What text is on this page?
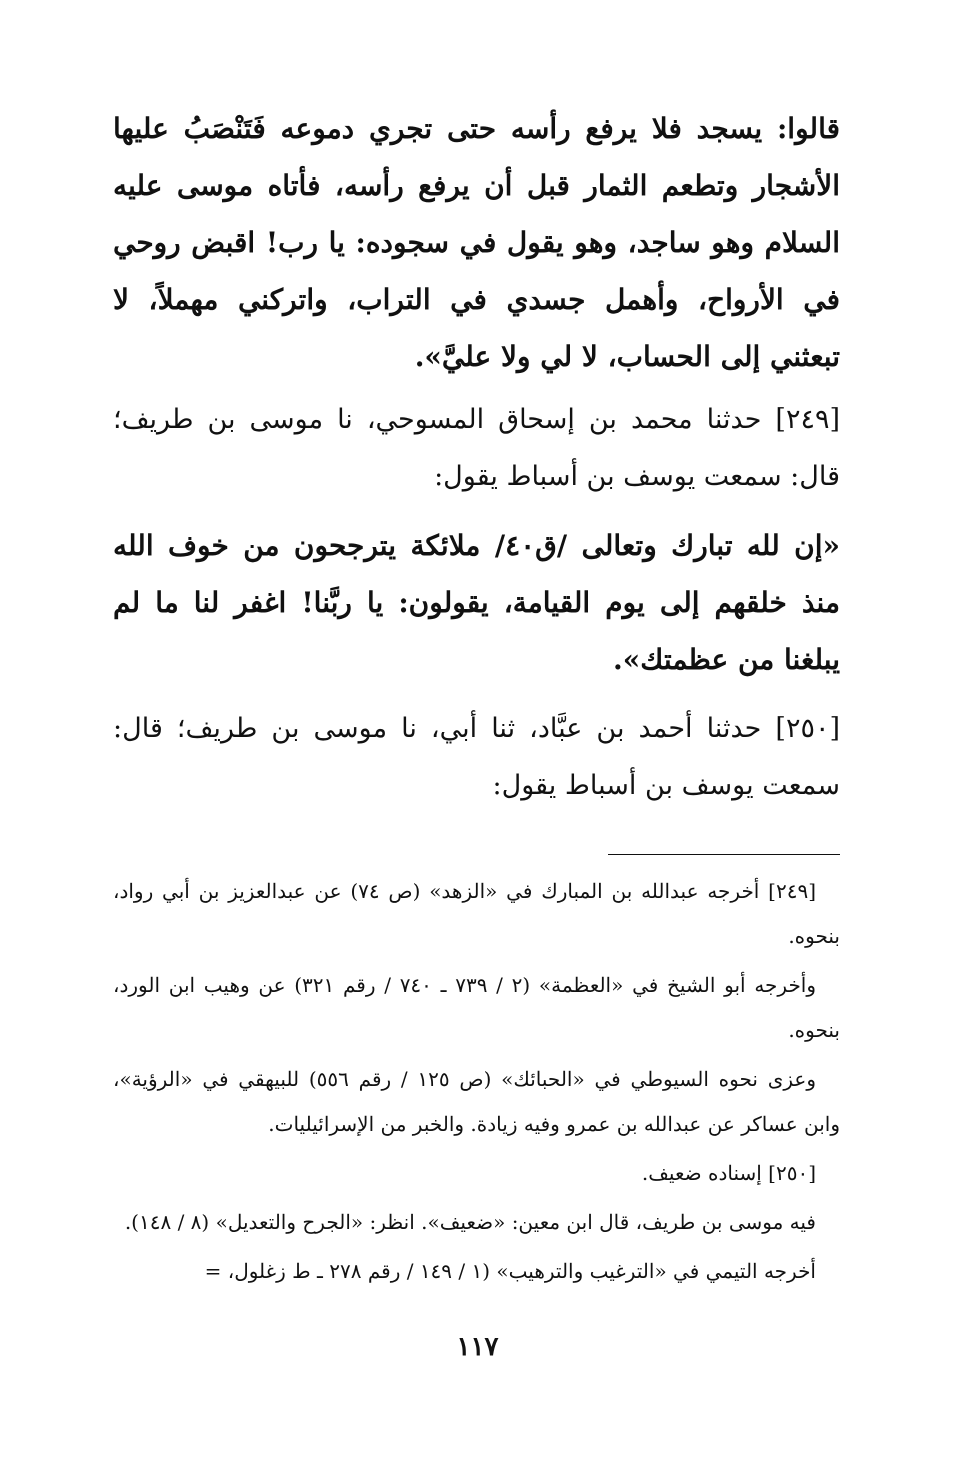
قالوا: يسجد فلا يرفع رأسه حتى تجري دموعه فَتَنْصَبُ عليها الأشجار وتطعم الثمار قبل أن يرفع رأسه، فأتاه موسى عليه السلام وهو ساجد، وهو يقول في سجوده: يا رب! اقبض روحي في الأرواح، وأهمل جسدي في التراب، واتركني مهملاً، لا تبعثني إلى الحساب، لا لي ولا عليَّ».

[٢٤٩] حدثنا محمد بن إسحاق المسوحي، نا موسى بن طريف؛ قال: سمعت يوسف بن أسباط يقول:

«إن لله تبارك وتعالى /ق٤٠/ ملائكة يترجحون من خوف الله منذ خلقهم إلى يوم القيامة، يقولون: يا ربَّنا! اغفر لنا ما لم يبلغنا من عظمتك».

[٢٥٠] حدثنا أحمد بن عبَّاد، ثنا أبي، نا موسى بن طريف؛ قال: سمعت يوسف بن أسباط يقول:

[٢٤٩] أخرجه عبدالله بن المبارك في «الزهد» (ص ٧٤) عن عبدالعزيز بن أبي رواد، بنحوه.

وأخرجه أبو الشيخ في «العظمة» (٢ / ٧٣٩ ـ ٧٤٠ / رقم ٣٢١) عن وهيب ابن الورد، بنحوه.

وعزى نحوه السيوطي في «الحبائك» (ص ١٢٥ / رقم ٥٥٦) للبيهقي في «الرؤية»، وابن عساكر عن عبدالله بن عمرو وفيه زيادة. والخبر من الإسرائيليات.

[٢٥٠] إسناده ضعيف.

فيه موسى بن طريف، قال ابن معين: «ضعيف». انظر: «الجرح والتعديل» (٨ / ١٤٨).

أخرجه التيمي في «الترغيب والترهيب» (١ / ١٤٩ / رقم ٢٧٨ ـ ط زغلول، =

١١٧
